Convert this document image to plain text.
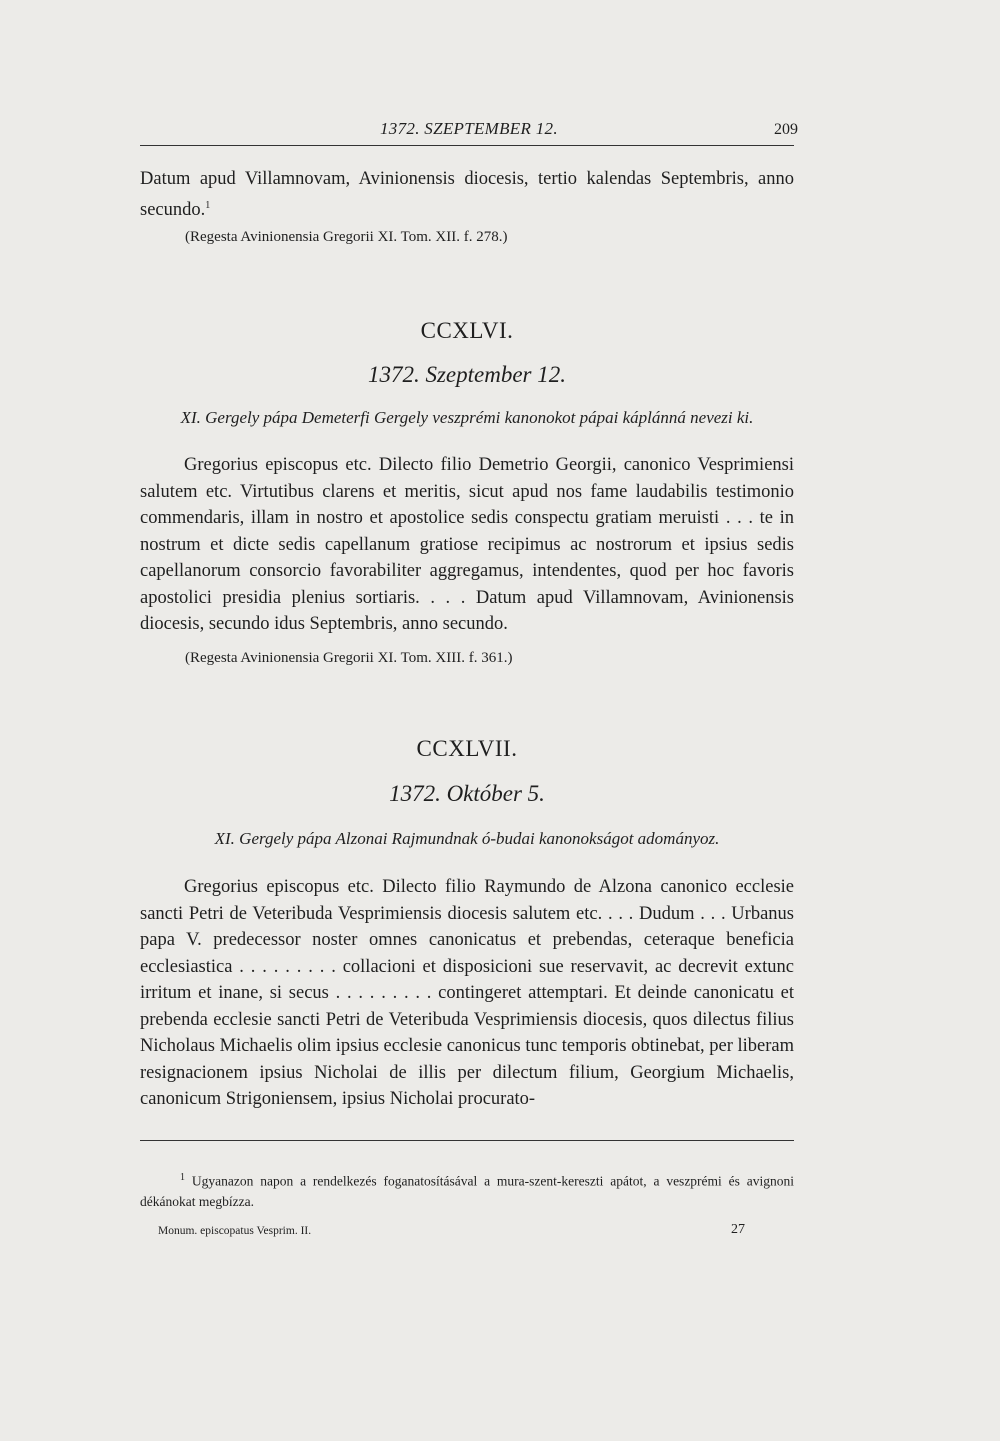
1372. SZEPTEMBER 12.	209

Datum apud Villamnovam, Avinionensis diocesis, tertio kalendas Septembris, anno secundo.$^1$

(Regesta Avinionensia Gregorii XI. Tom. XII. f. 278.)
CCXLVI.
1372. Szeptember 12.
XI. Gergely pápa Demeterfi Gergely veszprémi kanonokot pápai káplánná nevezi ki.

Gregorius episcopus etc. Dilecto filio Demetrio Georgii, canonico Vesprimiensi salutem etc. Virtutibus clarens et meritis, sicut apud nos fame laudabilis testimonio commendaris, illam in nostro et apostolice sedis conspectu gratiam meruisti . . . te in nostrum et dicte sedis capellanum gratiose recipimus ac nostrorum et ipsius sedis capellanorum consorcio favorabiliter aggregamus, intendentes, quod per hoc favoris apostolici presidia plenius sortiaris. . . . Datum apud Villamnovam, Avinionensis diocesis, secundo idus Septembris, anno secundo.

(Regesta Avinionensia Gregorii XI. Tom. XIII. f. 361.)
CCXLVII.
1372. Október 5.
XI. Gergely pápa Alzonai Rajmundnak ó-budai kanonokságot adományoz.

Gregorius episcopus etc. Dilecto filio Raymundo de Alzona canonico ecclesie sancti Petri de Veteribuda Vesprimiensis diocesis salutem etc. . . . Dudum . . . Urbanus papa V. predecessor noster omnes canonicatus et prebendas, ceteraque beneficia ecclesiastica . . . . . . . . . collacioni et disposicioni sue reservavit, ac decrevit extunc irritum et inane, si secus . . . . . . . . . contingeret attemptari. Et deinde canonicatu et prebenda ecclesie sancti Petri de Veteribuda Vesprimiensis diocesis, quos dilectus filius Nicholaus Michaelis olim ipsius ecclesie canonicus tunc temporis obtinebat, per liberam resignacionem ipsius Nicholai de illis per dilectum filium, Georgium Michaelis, canonicum Strigoniensem, ipsius Nicholai procurato-

$^1$ Ugyanazon napon a rendelkezés foganatosításával a mura-szent-kereszti apátot, a veszprémi és avignoni dékánokat megbízza.
Monum. episcopatus Vesprim. II.	27
